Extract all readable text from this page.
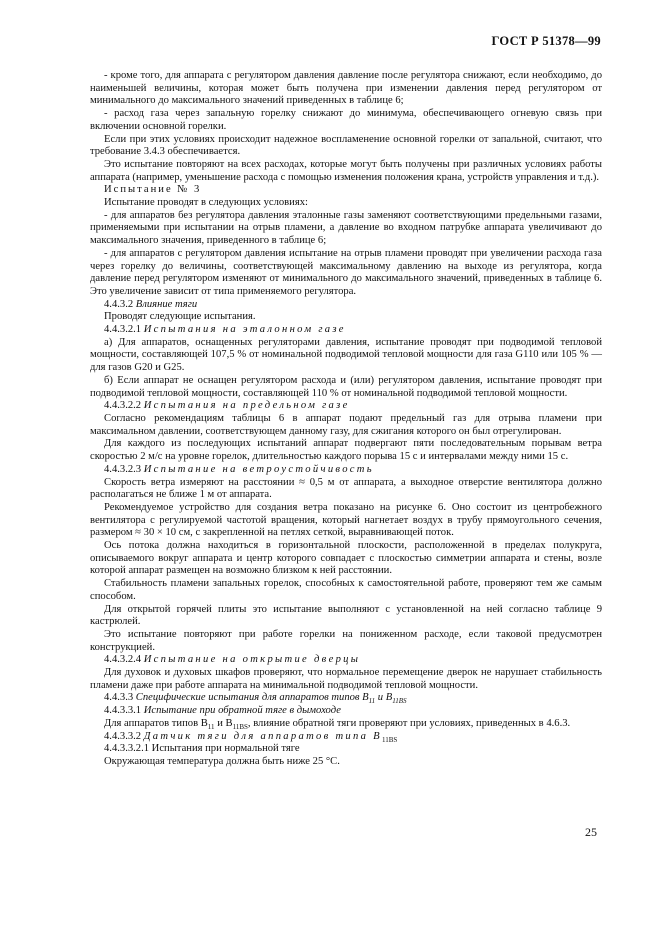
ГОСТ Р 51378—99

- кроме того, для аппарата с регулятором давления давление после регулятора снижают, если необходимо, до наименьшей величины, которая может быть получена при изменении давления перед регулятором от минимального до максимального значений приведенных в таблице 6;

- расход газа через запальную горелку снижают до минимума, обеспечивающего огневую связь при включении основной горелки.

Если при этих условиях происходит надежное воспламенение основной горелки от запальной, считают, что требование 3.4.3 обеспечивается.

Это испытание повторяют на всех расходах, которые могут быть получены при различных условиях работы аппарата (например, уменьшение расхода с помощью изменения положения крана, устройств управления и т.д.).

Испытание № 3

Испытание проводят в следующих условиях:

- для аппаратов без регулятора давления эталонные газы заменяют соответствующими предельными газами, применяемыми при испытании на отрыв пламени, а давление во входном патрубке аппарата увеличивают до максимального значения, приведенного в таблице 6;

- для аппаратов с регулятором давления испытание на отрыв пламени проводят при увеличении расхода газа через горелку до величины, соответствующей максимальному давлению на выходе из регулятора, когда давление перед регулятором изменяют от минимального до максимального значений, приведенных в таблице 6. Это увеличение зависит от типа применяемого регулятора.

4.4.3.2 Влияние тяги

Проводят следующие испытания.

4.4.3.2.1 Испытания на эталонном газе

а) Для аппаратов, оснащенных регуляторами давления, испытание проводят при подводимой тепловой мощности, составляющей 107,5 % от номинальной подводимой тепловой мощности для газа G110 или 105 % — для газов G20 и G25.

б) Если аппарат не оснащен регулятором расхода и (или) регулятором давления, испытание проводят при подводимой тепловой мощности, составляющей 110 % от номинальной подводимой тепловой мощности.

4.4.3.2.2 Испытания на предельном газе

Согласно рекомендациям таблицы 6 в аппарат подают предельный газ для отрыва пламени при максимальном давлении, соответствующем данному газу, для сжигания которого он был отрегулирован.

Для каждого из последующих испытаний аппарат подвергают пяти последовательным порывам ветра скоростью 2 м/с на уровне горелок, длительностью каждого порыва 15 с и интервалами между ними 15 с.

4.4.3.2.3 Испытание на ветроустойчивость

Скорость ветра измеряют на расстоянии ≈ 0,5 м от аппарата, а выходное отверстие вентилятора должно располагаться не ближе 1 м от аппарата.

Рекомендуемое устройство для создания ветра показано на рисунке 6. Оно состоит из центробежного вентилятора с регулируемой частотой вращения, который нагнетает воздух в трубу прямоугольного сечения, размером ≈ 30 × 10 см, с закрепленной на петлях сеткой, выравнивающей поток.

Ось потока должна находиться в горизонтальной плоскости, расположенной в пределах полукруга, описываемого вокруг аппарата и центр которого совпадает с плоскостью симметрии аппарата и стены, возле которой аппарат размещен на возможно близком к ней расстоянии.

Стабильность пламени запальных горелок, способных к самостоятельной работе, проверяют тем же самым способом.

Для открытой горячей плиты это испытание выполняют с установленной на ней согласно таблице 9 кастрюлей.

Это испытание повторяют при работе горелки на пониженном расходе, если таковой предусмотрен конструкцией.

4.4.3.2.4 Испытание на открытие дверцы

Для духовок и духовых шкафов проверяют, что нормальное перемещение дверок не нарушает стабильность пламени даже при работе аппарата на минимальной подводимой тепловой мощности.

4.4.3.3 Специфические испытания для аппаратов типов $B_{11}$ и $B_{11BS}$

4.4.3.3.1 Испытание при обратной тяге в дымоходе

Для аппаратов типов $B_{11}$ и $B_{11BS}$, влияние обратной тяги проверяют при условиях, приведенных в 4.6.3.

4.4.3.3.2 Датчик тяги для аппаратов типа $B_{11BS}$

4.4.3.3.2.1 Испытания при нормальной тяге

Окружающая температура должна быть ниже 25 °С.

25
